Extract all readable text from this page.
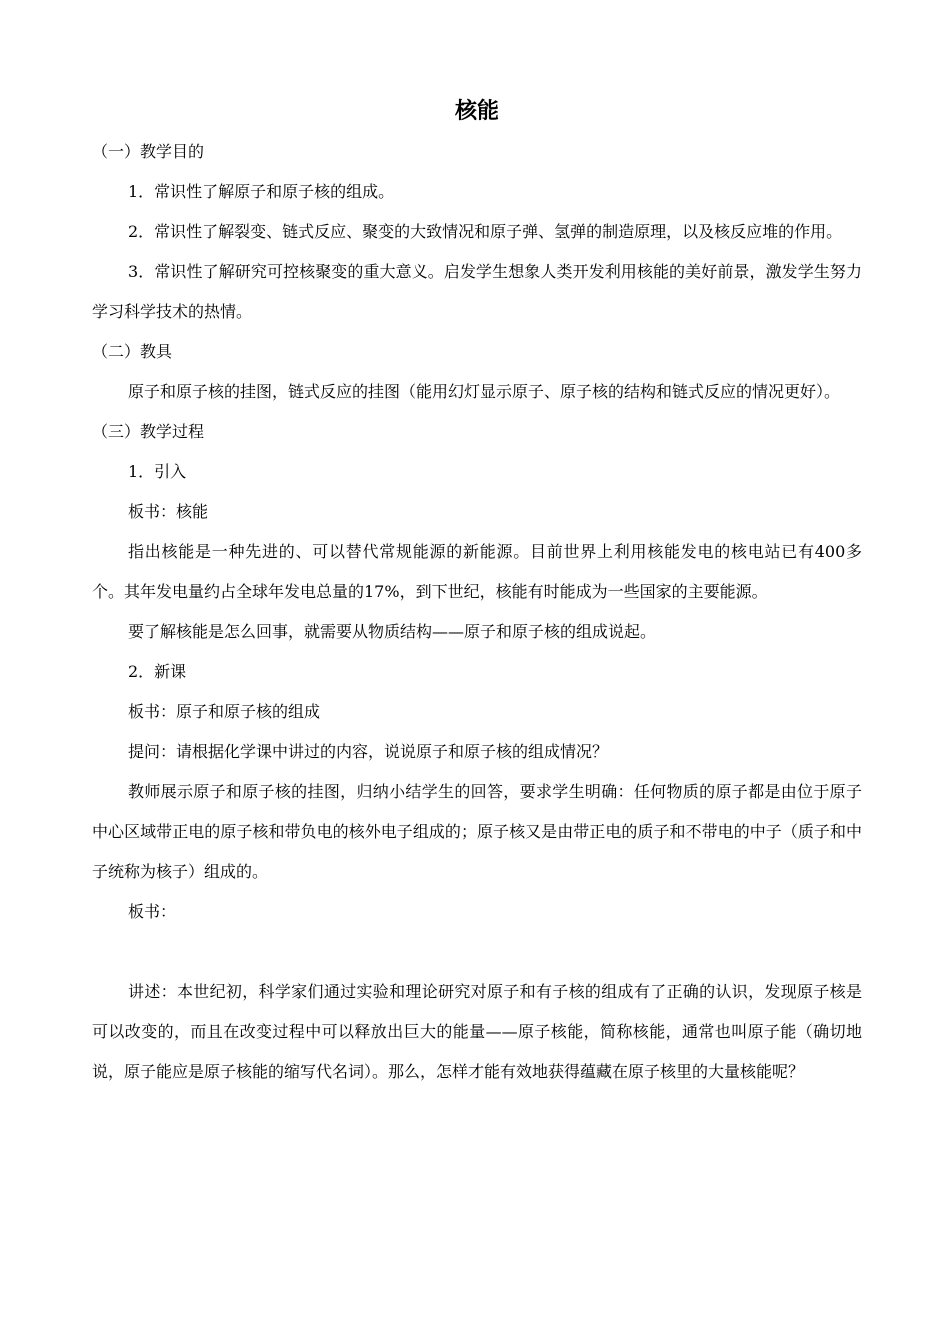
核能

（一）教学目的

1．常识性了解原子和原子核的组成。

2．常识性了解裂变、链式反应、聚变的大致情况和原子弹、氢弹的制造原理，以及核反应堆的作用。

3．常识性了解研究可控核聚变的重大意义。启发学生想象人类开发利用核能的美好前景，激发学生努力学习科学技术的热情。

（二）教具

原子和原子核的挂图，链式反应的挂图（能用幻灯显示原子、原子核的结构和链式反应的情况更好）。

（三）教学过程

1．引入

板书：核能

指出核能是一种先进的、可以替代常规能源的新能源。目前世界上利用核能发电的核电站已有400多个。其年发电量约占全球年发电总量的17%，到下世纪，核能有时能成为一些国家的主要能源。

要了解核能是怎么回事，就需要从物质结构——原子和原子核的组成说起。

2．新课

板书：原子和原子核的组成

提问：请根据化学课中讲过的内容，说说原子和原子核的组成情况？

教师展示原子和原子核的挂图，归纳小结学生的回答，要求学生明确：任何物质的原子都是由位于原子中心区域带正电的原子核和带负电的核外电子组成的；原子核又是由带正电的质子和不带电的中子（质子和中子统称为核子）组成的。

板书：

讲述：本世纪初，科学家们通过实验和理论研究对原子和有子核的组成有了正确的认识，发现原子核是可以改变的，而且在改变过程中可以释放出巨大的能量——原子核能，简称核能，通常也叫原子能（确切地说，原子能应是原子核能的缩写代名词）。那么，怎样才能有效地获得蕴藏在原子核里的大量核能呢？
